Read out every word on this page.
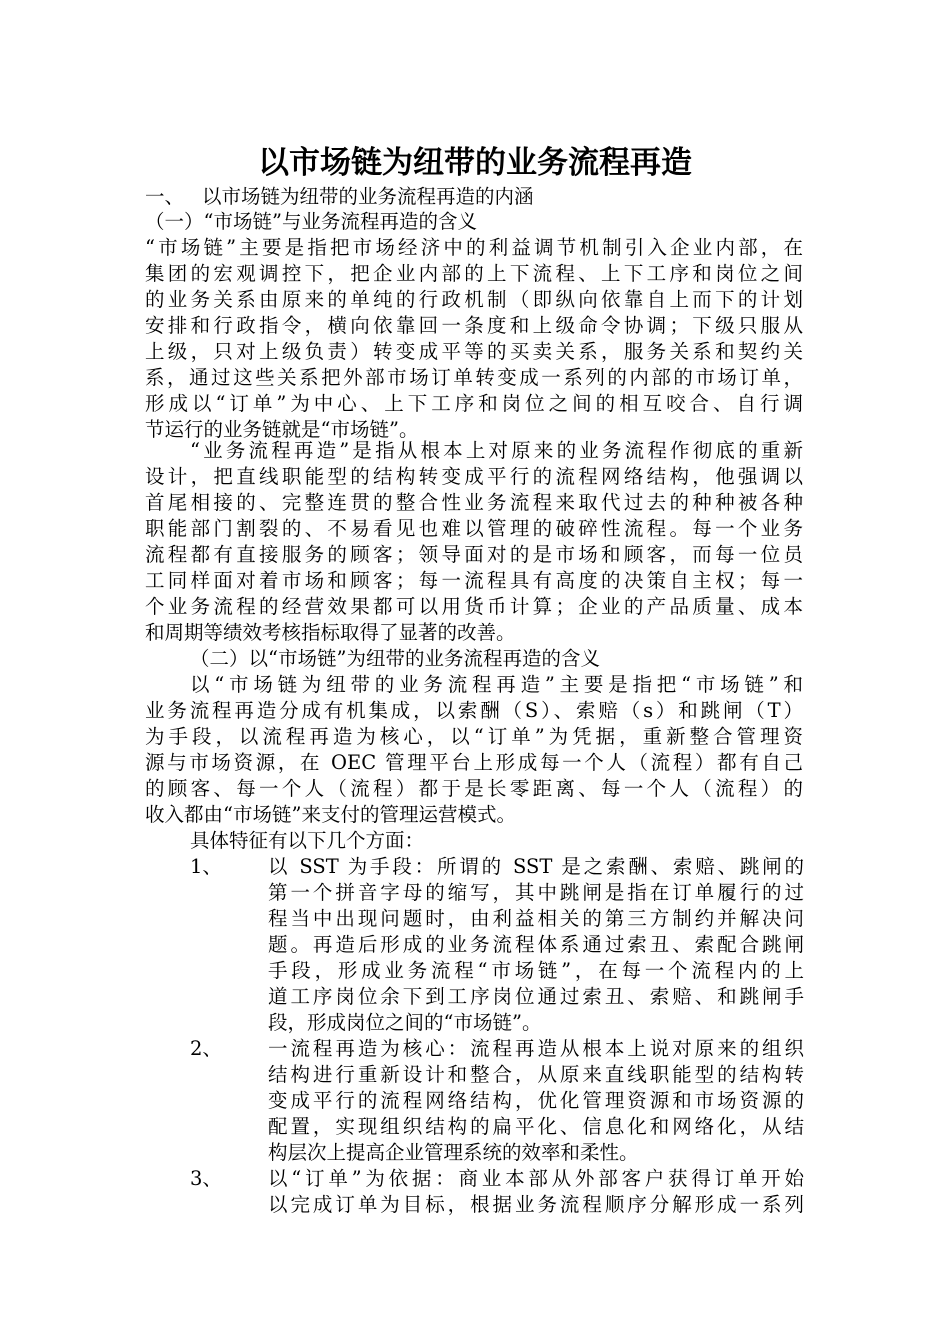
以市场链为纽带的业务流程再造
一、 以市场链为纽带的业务流程再造的内涵
（一）“市场链”与业务流程再造的含义
“市场链”主要是指把市场经济中的利益调节机制引入企业内部，在
集团的宏观调控下，把企业内部的上下流程、上下工序和岗位之间
的业务关系由原来的单纯的行政机制（即纵向依靠自上而下的计划
安排和行政指令，横向依靠回一条度和上级命令协调；下级只服从
上级，只对上级负责）转变成平等的买卖关系，服务关系和契约关
系，通过这些关系把外部市场订单转变成一系列的内部的市场订单，
形成以“订单”为中心、上下工序和岗位之间的相互咬合、自行调
节运行的业务链就是“市场链”。
“业务流程再造”是指从根本上对原来的业务流程作彻底的重新
设计，把直线职能型的结构转变成平行的流程网络结构，他强调以
首尾相接的、完整连贯的整合性业务流程来取代过去的种种被各种
职能部门割裂的、不易看见也难以管理的破碎性流程。每一个业务
流程都有直接服务的顾客；领导面对的是市场和顾客，而每一位员
工同样面对着市场和顾客；每一流程具有高度的决策自主权；每一
个业务流程的经营效果都可以用货币计算；企业的产品质量、成本
和周期等绩效考核指标取得了显著的改善。
（二）以“市场链”为纽带的业务流程再造的含义
以“市场链为纽带的业务流程再造”主要是指把“市场链”和
业务流程再造分成有机集成，以索酬（S）、索赔（s）和跳闸（T）
为手段，以流程再造为核心，以“订单”为凭据，重新整合管理资
源与市场资源，在 OEC 管理平台上形成每一个人（流程）都有自己
的顾客、每一个人（流程）都于是长零距离、每一个人（流程）的
收入都由“市场链”来支付的管理运营模式。
具体特征有以下几个方面：
1、 以 SST 为手段：所谓的 SST 是之索酬、索赔、跳闸的
第一个拼音字母的缩写，其中跳闸是指在订单履行的过
程当中出现问题时，由利益相关的第三方制约并解决问
题。再造后形成的业务流程体系通过索丑、索配合跳闸
手段，形成业务流程“市场链”，在每一个流程内的上
道工序岗位余下到工序岗位通过索丑、索赔、和跳闸手
段，形成岗位之间的“市场链”。
2、 一流程再造为核心：流程再造从根本上说对原来的组织
结构进行重新设计和整合，从原来直线职能型的结构转
变成平行的流程网络结构，优化管理资源和市场资源的
配置，实现组织结构的扁平化、信息化和网络化，从结
构层次上提高企业管理系统的效率和柔性。
3、 以“订单”为依据：商业本部从外部客户获得订单开始
以完成订单为目标，根据业务流程顺序分解形成一系列
